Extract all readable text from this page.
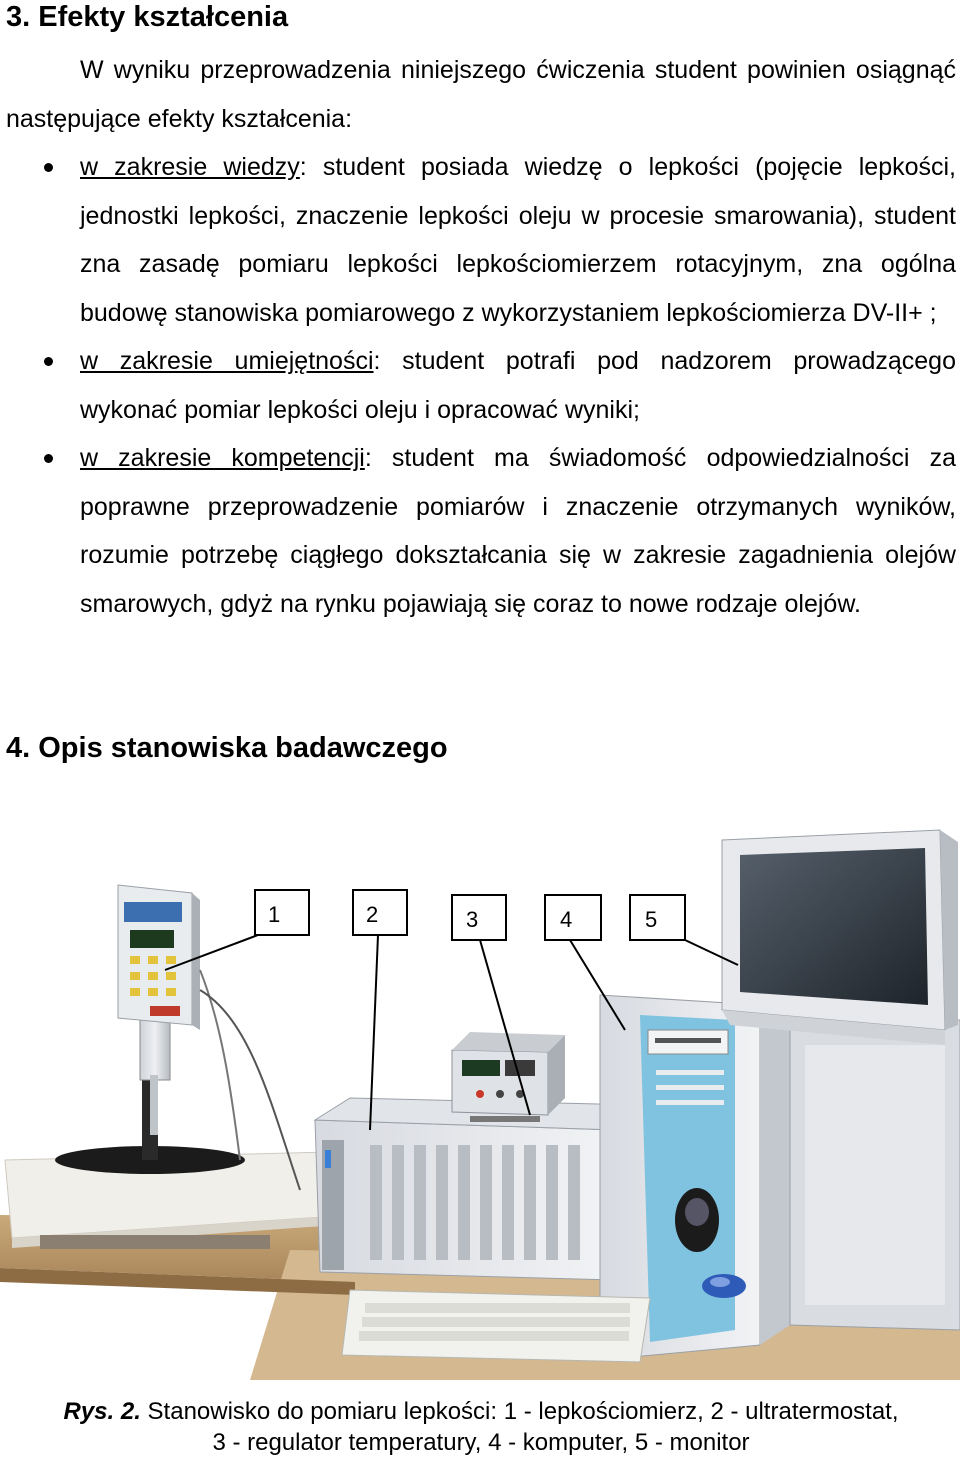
3. Efekty kształcenia

W wyniku przeprowadzenia niniejszego ćwiczenia student powinien osiągnąć następujące efekty kształcenia:

w zakresie wiedzy: student posiada wiedzę o lepkości (pojęcie lepkości, jednostki lepkości, znaczenie lepkości oleju w procesie smarowania), student zna zasadę pomiaru lepkości lepkościomierzem rotacyjnym, zna ogólna budowę stanowiska pomiarowego z wykorzystaniem lepkościomierza DV-II+ ;
w zakresie umiejętności: student potrafi pod nadzorem prowadzącego wykonać pomiar lepkości oleju i opracować wyniki;
w zakresie kompetencji: student ma świadomość odpowiedzialności za poprawne przeprowadzenie pomiarów i znaczenie otrzymanych wyników, rozumie potrzebę ciągłego dokształcania się w zakresie zagadnienia olejów smarowych, gdyż na rynku pojawiają się coraz to nowe rodzaje olejów.
4. Opis stanowiska badawczego
1	2	3	4	5

Rys. 2. Stanowisko do pomiaru lepkości: 1 - lepkościomierz, 2 - ultratermostat,
3 - regulator temperatury, 4 - komputer, 5 - monitor
